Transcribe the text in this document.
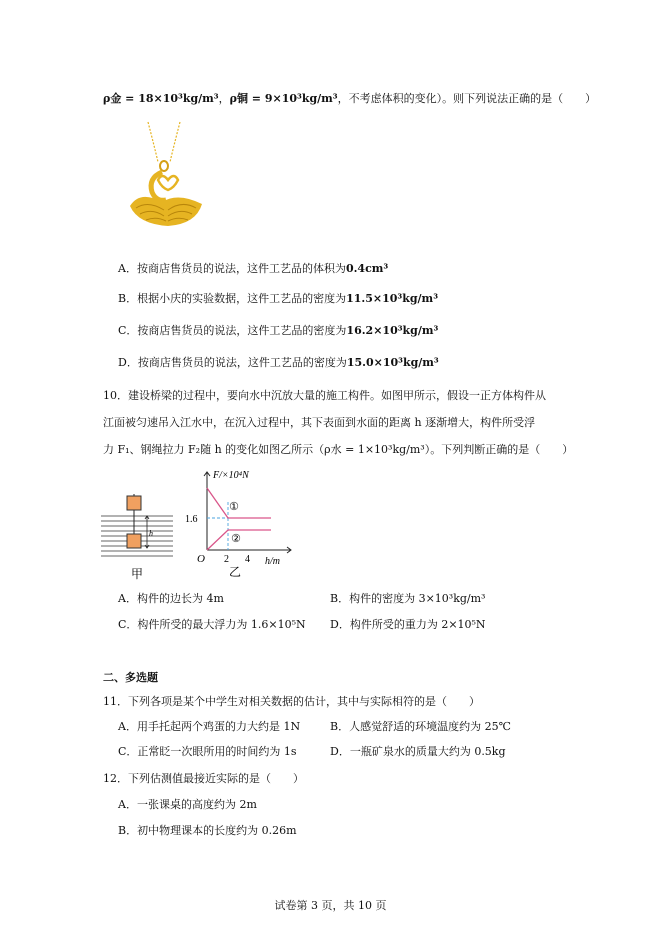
ρ金 = 18×10³kg/m³，ρ铜 = 9×10³kg/m³，不考虑体积的变化）。则下列说法正确的是（　　）
A．按商店售货员的说法，这件工艺品的体积为0.4cm³
B．根据小庆的实验数据，这件工艺品的密度为11.5×10³kg/m³
C．按商店售货员的说法，这件工艺品的密度为16.2×10³kg/m³
D．按商店售货员的说法，这件工艺品的密度为15.0×10³kg/m³
10．建设桥梁的过程中，要向水中沉放大量的施工构件。如图甲所示，假设一正方体构件从
江面被匀速吊入江水中，在沉入过程中，其下表面到水面的距离 h 逐渐增大，构件所受浮
力 F₁、钢绳拉力 F₂随 h 的变化如图乙所示（ρ水 = 1×10³kg/m³）。下列判断正确的是（　　）
h
甲
F/×10⁴N
h/m
O
1.6
2 4
①
②
乙
A．构件的边长为 4m	B．构件的密度为 3×10³kg/m³
C．构件所受的最大浮力为 1.6×10⁵N D．构件所受的重力为 2×10⁵N
二、多选题
11．下列各项是某个中学生对相关数据的估计，其中与实际相符的是（　　）
A．用手托起两个鸡蛋的力大约是 1N	B．人感觉舒适的环境温度约为 25℃
C．正常眨一次眼所用的时间约为 1s	D．一瓶矿泉水的质量大约为 0.5kg
12．下列估测值最接近实际的是（　　）
A．一张课桌的高度约为 2m
B．初中物理课本的长度约为 0.26m
试卷第 3 页，共 10 页
